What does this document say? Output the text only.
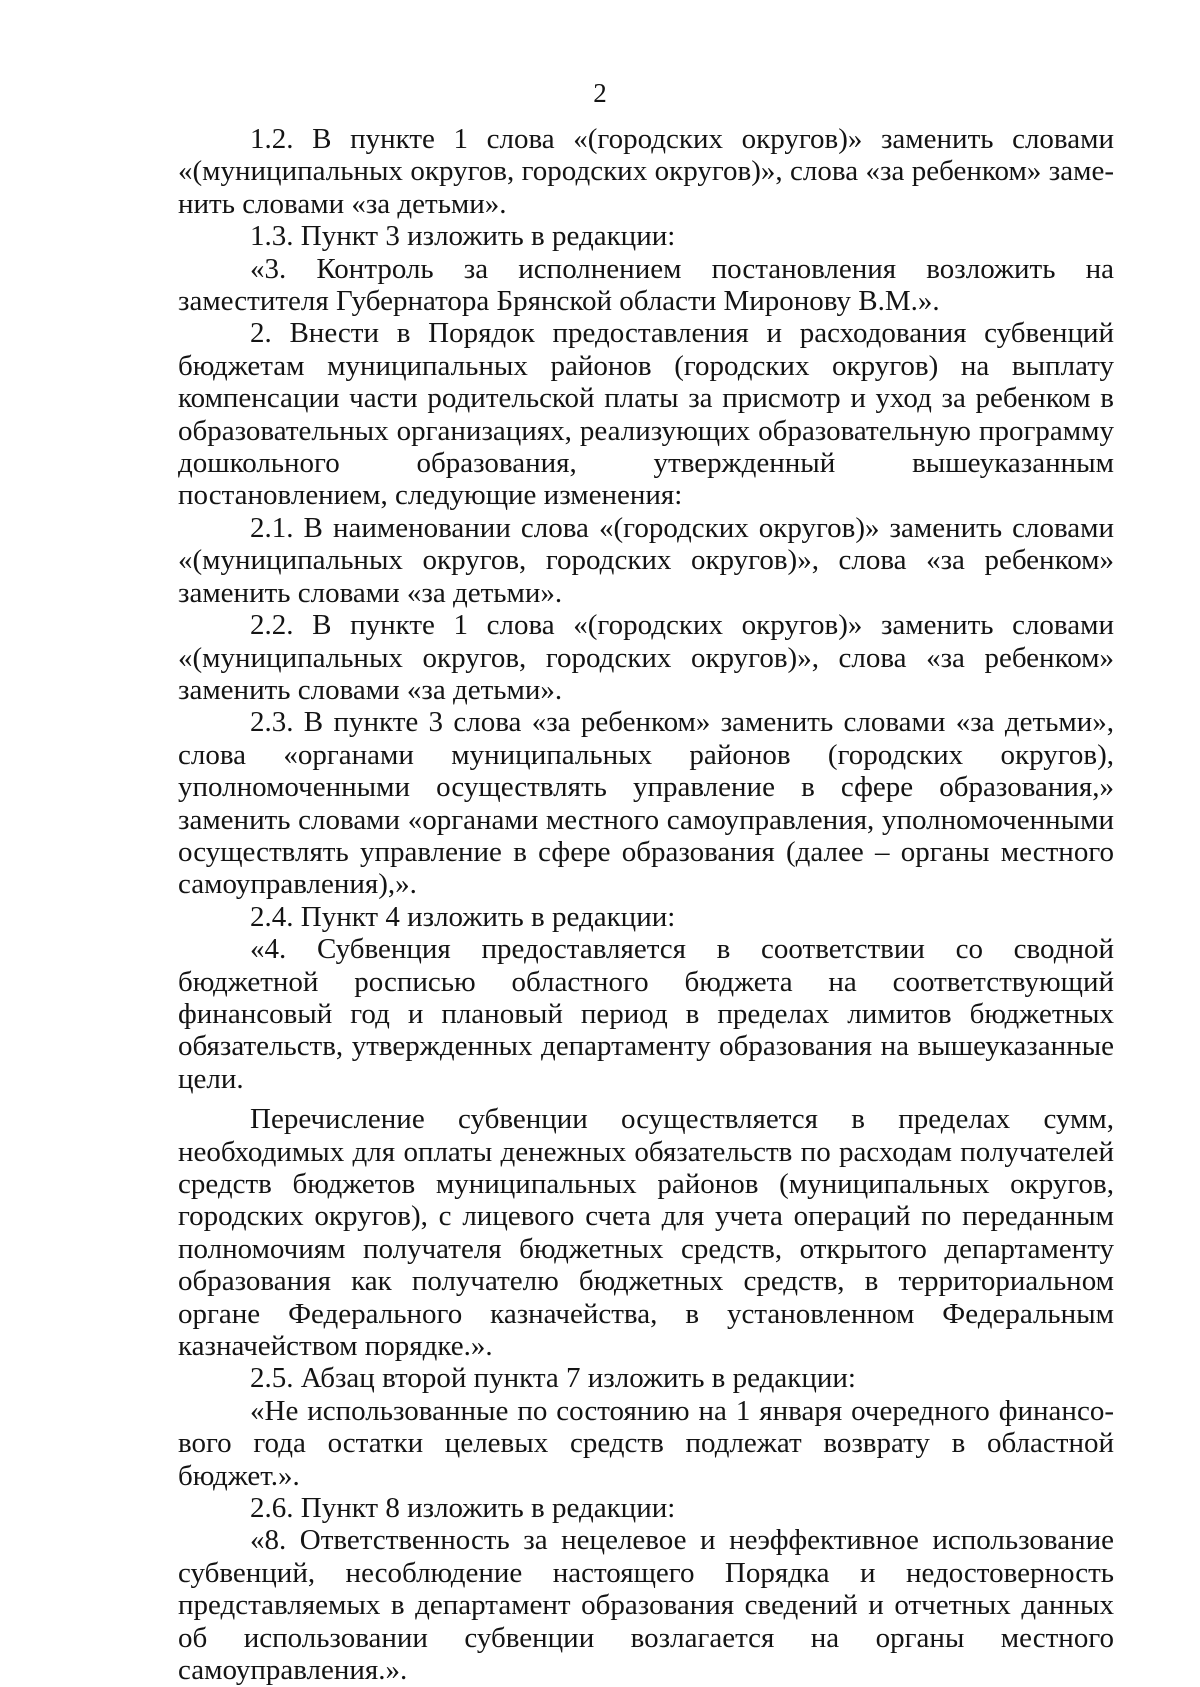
2

1.2. В пункте 1 слова «(городских округов)» заменить словами «(муниципальных округов, городских округов)», слова «за ребенком» заменить словами «за детьми».

1.3. Пункт 3 изложить в редакции:

«3. Контроль за исполнением постановления возложить на заместителя Губернатора Брянской области Миронову В.М.».

2. Внести в Порядок предоставления и расходования субвенций бюджетам муниципальных районов (городских округов) на выплату компенсации части родительской платы за присмотр и уход за ребенком в образовательных организациях, реализующих образовательную программу дошкольного образования, утвержденный вышеуказанным постановлением, следующие изменения:

2.1. В наименовании слова «(городских округов)» заменить словами «(муниципальных округов, городских округов)», слова «за ребенком» заменить словами «за детьми».

2.2. В пункте 1 слова «(городских округов)» заменить словами «(муниципальных округов, городских округов)», слова «за ребенком» заменить словами «за детьми».

2.3. В пункте 3 слова «за ребенком» заменить словами «за детьми», слова «органами муниципальных районов (городских округов), уполномоченными осуществлять управление в сфере образования,» заменить словами «органами местного самоуправления, уполномоченными осуществлять управление в сфере образования (далее – органы местного самоуправления),».

2.4. Пункт 4 изложить в редакции:

«4. Субвенция предоставляется в соответствии со сводной бюджетной росписью областного бюджета на соответствующий финансовый год и плановый период в пределах лимитов бюджетных обязательств, утвержденных департаменту образования на вышеуказанные цели.

Перечисление субвенции осуществляется в пределах сумм, необходимых для оплаты денежных обязательств по расходам получателей средств бюджетов муниципальных районов (муниципальных округов, городских округов), с лицевого счета для учета операций по переданным полномочиям получателя бюджетных средств, открытого департаменту образования как получателю бюджетных средств, в территориальном органе Федерального казначейства, в установленном Федеральным казначейством порядке.».

2.5. Абзац второй пункта 7 изложить в редакции:

«Не использованные по состоянию на 1 января очередного финансового года остатки целевых средств подлежат возврату в областной бюджет.».

2.6. Пункт 8 изложить в редакции:

«8. Ответственность за нецелевое и неэффективное использование субвенций, несоблюдение настоящего Порядка и недостоверность представляемых в департамент образования сведений и отчетных данных об использовании субвенции возлагается на органы местного самоуправления.».
